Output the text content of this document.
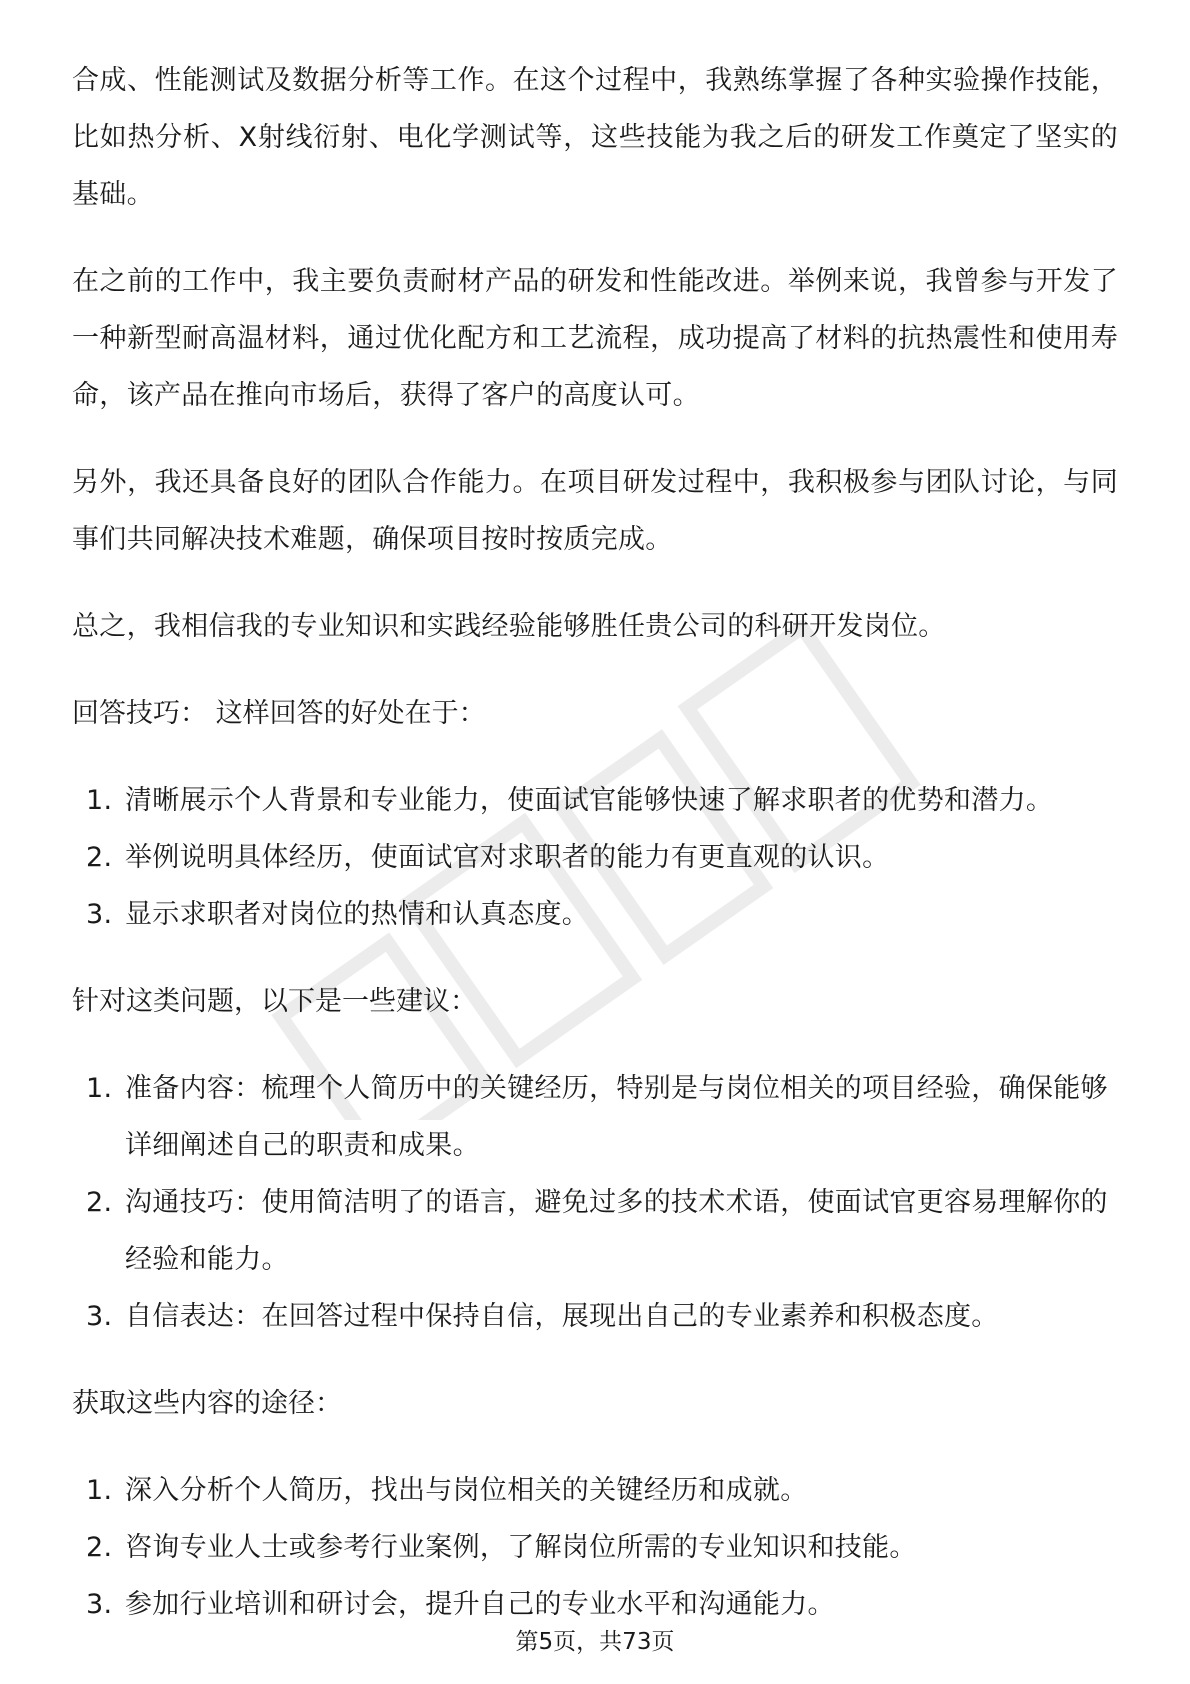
合成、性能测试及数据分析等工作。在这个过程中，我熟练掌握了各种实验操作技能，比如热分析、X射线衍射、电化学测试等，这些技能为我之后的研发工作奠定了坚实的基础。

在之前的工作中，我主要负责耐材产品的研发和性能改进。举例来说，我曾参与开发了一种新型耐高温材料，通过优化配方和工艺流程，成功提高了材料的抗热震性和使用寿命，该产品在推向市场后，获得了客户的高度认可。

另外，我还具备良好的团队合作能力。在项目研发过程中，我积极参与团队讨论，与同事们共同解决技术难题，确保项目按时按质完成。

总之，我相信我的专业知识和实践经验能够胜任贵公司的科研开发岗位。

回答技巧： 这样回答的好处在于：

1. 清晰展示个人背景和专业能力，使面试官能够快速了解求职者的优势和潜力。
2. 举例说明具体经历，使面试官对求职者的能力有更直观的认识。
3. 显示求职者对岗位的热情和认真态度。

针对这类问题，以下是一些建议：

1. 准备内容：梳理个人简历中的关键经历，特别是与岗位相关的项目经验，确保能够详细阐述自己的职责和成果。
2. 沟通技巧：使用简洁明了的语言，避免过多的技术术语，使面试官更容易理解你的经验和能力。
3. 自信表达：在回答过程中保持自信，展现出自己的专业素养和积极态度。

获取这些内容的途径：

1. 深入分析个人简历，找出与岗位相关的关键经历和成就。
2. 咨询专业人士或参考行业案例，了解岗位所需的专业知识和技能。
3. 参加行业培训和研讨会，提升自己的专业水平和沟通能力。
第5页，共73页
